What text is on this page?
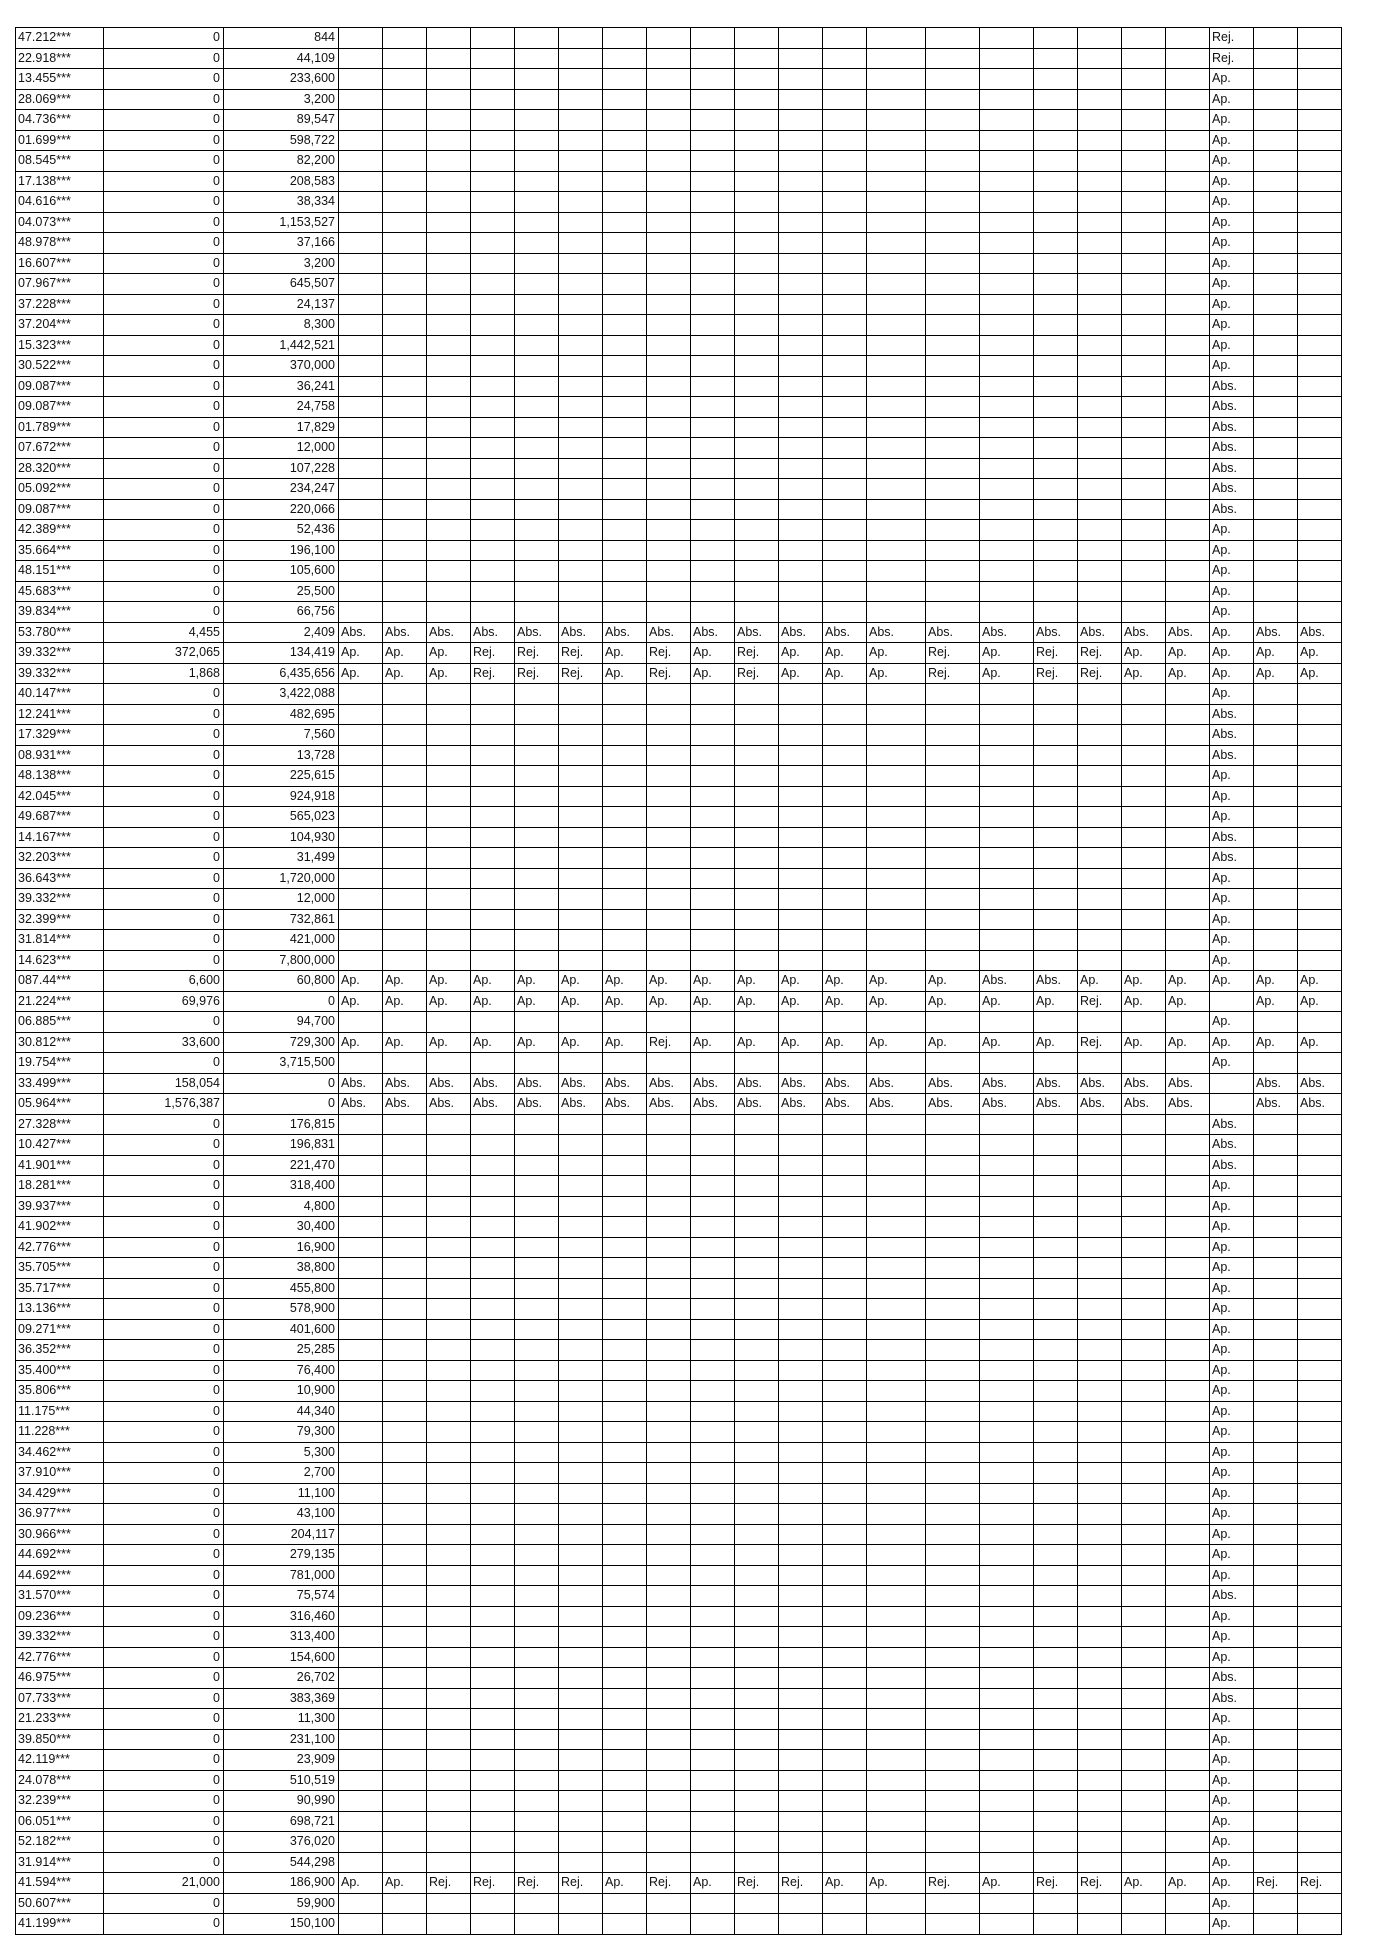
47.212***	0	844																				Rej.		
22.918***	0	44,109																				Rej.		
13.455***	0	233,600																				Ap.		
28.069***	0	3,200																				Ap.		
04.736***	0	89,547																				Ap.		
01.699***	0	598,722																				Ap.		
08.545***	0	82,200																				Ap.		
17.138***	0	208,583																				Ap.		
04.616***	0	38,334																				Ap.		
04.073***	0	1,153,527																				Ap.		
48.978***	0	37,166																				Ap.		
16.607***	0	3,200																				Ap.		
07.967***	0	645,507																				Ap.		
37.228***	0	24,137																				Ap.		
37.204***	0	8,300																				Ap.		
15.323***	0	1,442,521																				Ap.		
30.522***	0	370,000																				Ap.		
09.087***	0	36,241																				Abs.		
09.087***	0	24,758																				Abs.		
01.789***	0	17,829																				Abs.		
07.672***	0	12,000																				Abs.		
28.320***	0	107,228																				Abs.		
05.092***	0	234,247																				Abs.		
09.087***	0	220,066																				Abs.		
42.389***	0	52,436																				Ap.		
35.664***	0	196,100																				Ap.		
48.151***	0	105,600																				Ap.		
45.683***	0	25,500																				Ap.		
39.834***	0	66,756																				Ap.		
53.780***	4,455	2,409	Abs.	Abs.	Abs.	Abs.	Abs.	Abs.	Abs.	Abs.	Abs.	Abs.	Abs.	Abs.	Abs.	Abs.	Abs.	Abs.	Abs.	Abs.	Abs.	Ap.	Abs.	Abs.
39.332***	372,065	134,419	Ap.	Ap.	Ap.	Rej.	Rej.	Rej.	Ap.	Rej.	Ap.	Rej.	Ap.	Ap.	Ap.	Rej.	Ap.	Rej.	Rej.	Ap.	Ap.	Ap.	Ap.	Ap.
39.332***	1,868	6,435,656	Ap.	Ap.	Ap.	Rej.	Rej.	Rej.	Ap.	Rej.	Ap.	Rej.	Ap.	Ap.	Ap.	Rej.	Ap.	Rej.	Rej.	Ap.	Ap.	Ap.	Ap.	Ap.
40.147***	0	3,422,088																				Ap.		
12.241***	0	482,695																				Abs.		
17.329***	0	7,560																				Abs.		
08.931***	0	13,728																				Abs.		
48.138***	0	225,615																				Ap.		
42.045***	0	924,918																				Ap.		
49.687***	0	565,023																				Ap.		
14.167***	0	104,930																				Abs.		
32.203***	0	31,499																				Abs.		
36.643***	0	1,720,000																				Ap.		
39.332***	0	12,000																				Ap.		
32.399***	0	732,861																				Ap.		
31.814***	0	421,000																				Ap.		
14.623***	0	7,800,000																				Ap.		
087.44***	6,600	60,800	Ap.	Ap.	Ap.	Ap.	Ap.	Ap.	Ap.	Ap.	Ap.	Ap.	Ap.	Ap.	Ap.	Ap.	Abs.	Abs.	Ap.	Ap.	Ap.	Ap.	Ap.	Ap.
21.224***	69,976	0	Ap.	Ap.	Ap.	Ap.	Ap.	Ap.	Ap.	Ap.	Ap.	Ap.	Ap.	Ap.	Ap.	Ap.	Ap.	Ap.	Rej.	Ap.	Ap.		Ap.	Ap.
06.885***	0	94,700																				Ap.		
30.812***	33,600	729,300	Ap.	Ap.	Ap.	Ap.	Ap.	Ap.	Ap.	Rej.	Ap.	Ap.	Ap.	Ap.	Ap.	Ap.	Ap.	Ap.	Rej.	Ap.	Ap.	Ap.	Ap.	Ap.
19.754***	0	3,715,500																				Ap.		
33.499***	158,054	0	Abs.	Abs.	Abs.	Abs.	Abs.	Abs.	Abs.	Abs.	Abs.	Abs.	Abs.	Abs.	Abs.	Abs.	Abs.	Abs.	Abs.	Abs.	Abs.		Abs.	Abs.
05.964***	1,576,387	0	Abs.	Abs.	Abs.	Abs.	Abs.	Abs.	Abs.	Abs.	Abs.	Abs.	Abs.	Abs.	Abs.	Abs.	Abs.	Abs.	Abs.	Abs.	Abs.		Abs.	Abs.
27.328***	0	176,815																				Abs.		
10.427***	0	196,831																				Abs.		
41.901***	0	221,470																				Abs.		
18.281***	0	318,400																				Ap.		
39.937***	0	4,800																				Ap.		
41.902***	0	30,400																				Ap.		
42.776***	0	16,900																				Ap.		
35.705***	0	38,800																				Ap.		
35.717***	0	455,800																				Ap.		
13.136***	0	578,900																				Ap.		
09.271***	0	401,600																				Ap.		
36.352***	0	25,285																				Ap.		
35.400***	0	76,400																				Ap.		
35.806***	0	10,900																				Ap.		
11.175***	0	44,340																				Ap.		
11.228***	0	79,300																				Ap.		
34.462***	0	5,300																				Ap.		
37.910***	0	2,700																				Ap.		
34.429***	0	11,100																				Ap.		
36.977***	0	43,100																				Ap.		
30.966***	0	204,117																				Ap.		
44.692***	0	279,135																				Ap.		
44.692***	0	781,000																				Ap.		
31.570***	0	75,574																				Abs.		
09.236***	0	316,460																				Ap.		
39.332***	0	313,400																				Ap.		
42.776***	0	154,600																				Ap.		
46.975***	0	26,702																				Abs.		
07.733***	0	383,369																				Abs.		
21.233***	0	11,300																				Ap.		
39.850***	0	231,100																				Ap.		
42.119***	0	23,909																				Ap.		
24.078***	0	510,519																				Ap.		
32.239***	0	90,990																				Ap.		
06.051***	0	698,721																				Ap.		
52.182***	0	376,020																				Ap.		
31.914***	0	544,298																				Ap.		
41.594***	21,000	186,900	Ap.	Ap.	Rej.	Rej.	Rej.	Rej.	Ap.	Rej.	Ap.	Rej.	Rej.	Ap.	Ap.	Rej.	Ap.	Rej.	Rej.	Ap.	Ap.	Ap.	Rej.	Rej.
50.607***	0	59,900																				Ap.		
41.199***	0	150,100																				Ap.		
